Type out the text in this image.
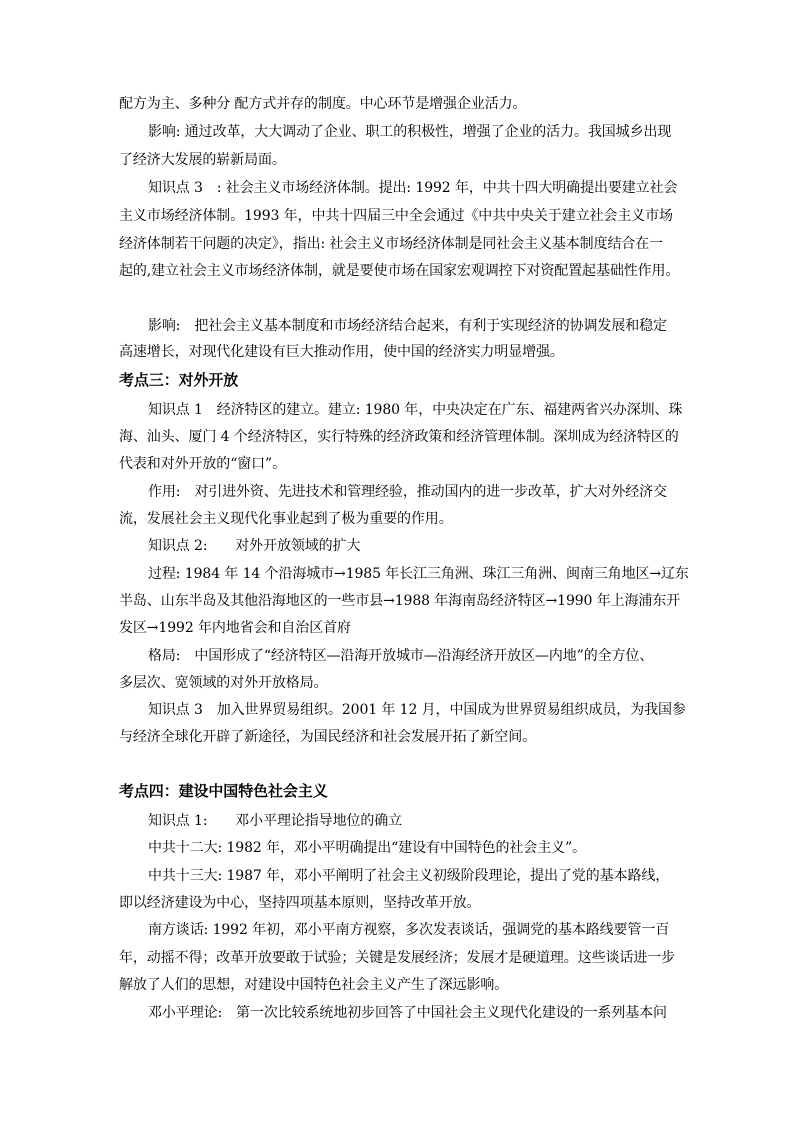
配方为主、多种分 配方式并存的制度。中心环节是增强企业活力。
影响: 通过改革，大大调动了企业、职工的积极性，增强了企业的活力。我国城乡出现
了经济大发展的崭新局面。
知识点 3　: 社会主义市场经济体制。提出: 1992 年，中共十四大明确提出要建立社会
主义市场经济体制。1993 年，中共十四届三中全会通过《中共中央关于建立社会主义市场
经济体制若干问题的决定》，指出: 社会主义市场经济体制是同社会主义基本制度结合在一
起的,建立社会主义市场经济体制，就是要使市场在国家宏观调控下对资配置起基础性作用。
影响:　把社会主义基本制度和市场经济结合起来，有利于实现经济的协调发展和稳定
高速增长，对现代化建设有巨大推动作用，使中国的经济实力明显增强。
考点三：对外开放
知识点 1　经济特区的建立。建立: 1980 年，中央决定在广东、福建两省兴办深圳、珠
海、汕头、厦门 4 个经济特区，实行特殊的经济政策和经济管理体制。深圳成为经济特区的
代表和对外开放的“窗口”。
作用:　对引进外资、先进技术和管理经验，推动国内的进一步改革，扩大对外经济交
流，发展社会主义现代化事业起到了极为重要的作用。
知识点 2:　　对外开放领域的扩大
过程: 1984 年 14 个沿海城市→1985 年长江三角洲、珠江三角洲、闽南三角地区→辽东
半岛、山东半岛及其他沿海地区的一些市县→1988 年海南岛经济特区→1990 年上海浦东开
发区→1992 年内地省会和自治区首府
格局:　中国形成了“经济特区—沿海开放城市—沿海经济开放区—内地”的全方位、
多层次、宽领域的对外开放格局。
知识点 3　加入世界贸易组织。2001 年 12 月，中国成为世界贸易组织成员，为我国参
与经济全球化开辟了新途径，为国民经济和社会发展开拓了新空间。
考点四：建设中国特色社会主义
知识点 1:　　邓小平理论指导地位的确立
中共十二大: 1982 年，邓小平明确提出“建设有中国特色的社会主义”。
中共十三大: 1987 年，邓小平阐明了社会主义初级阶段理论，提出了党的基本路线，
即以经济建设为中心，坚持四项基本原则，坚持改革开放。
南方谈话: 1992 年初，邓小平南方视察，多次发表谈话，强调党的基本路线要管一百
年，动摇不得；改革开放要敢于试验；关键是发展经济；发展才是硬道理。这些谈话进一步
解放了人们的思想，对建设中国特色社会主义产生了深远影响。
邓小平理论:　第一次比较系统地初步回答了中国社会主义现代化建设的一系列基本问
